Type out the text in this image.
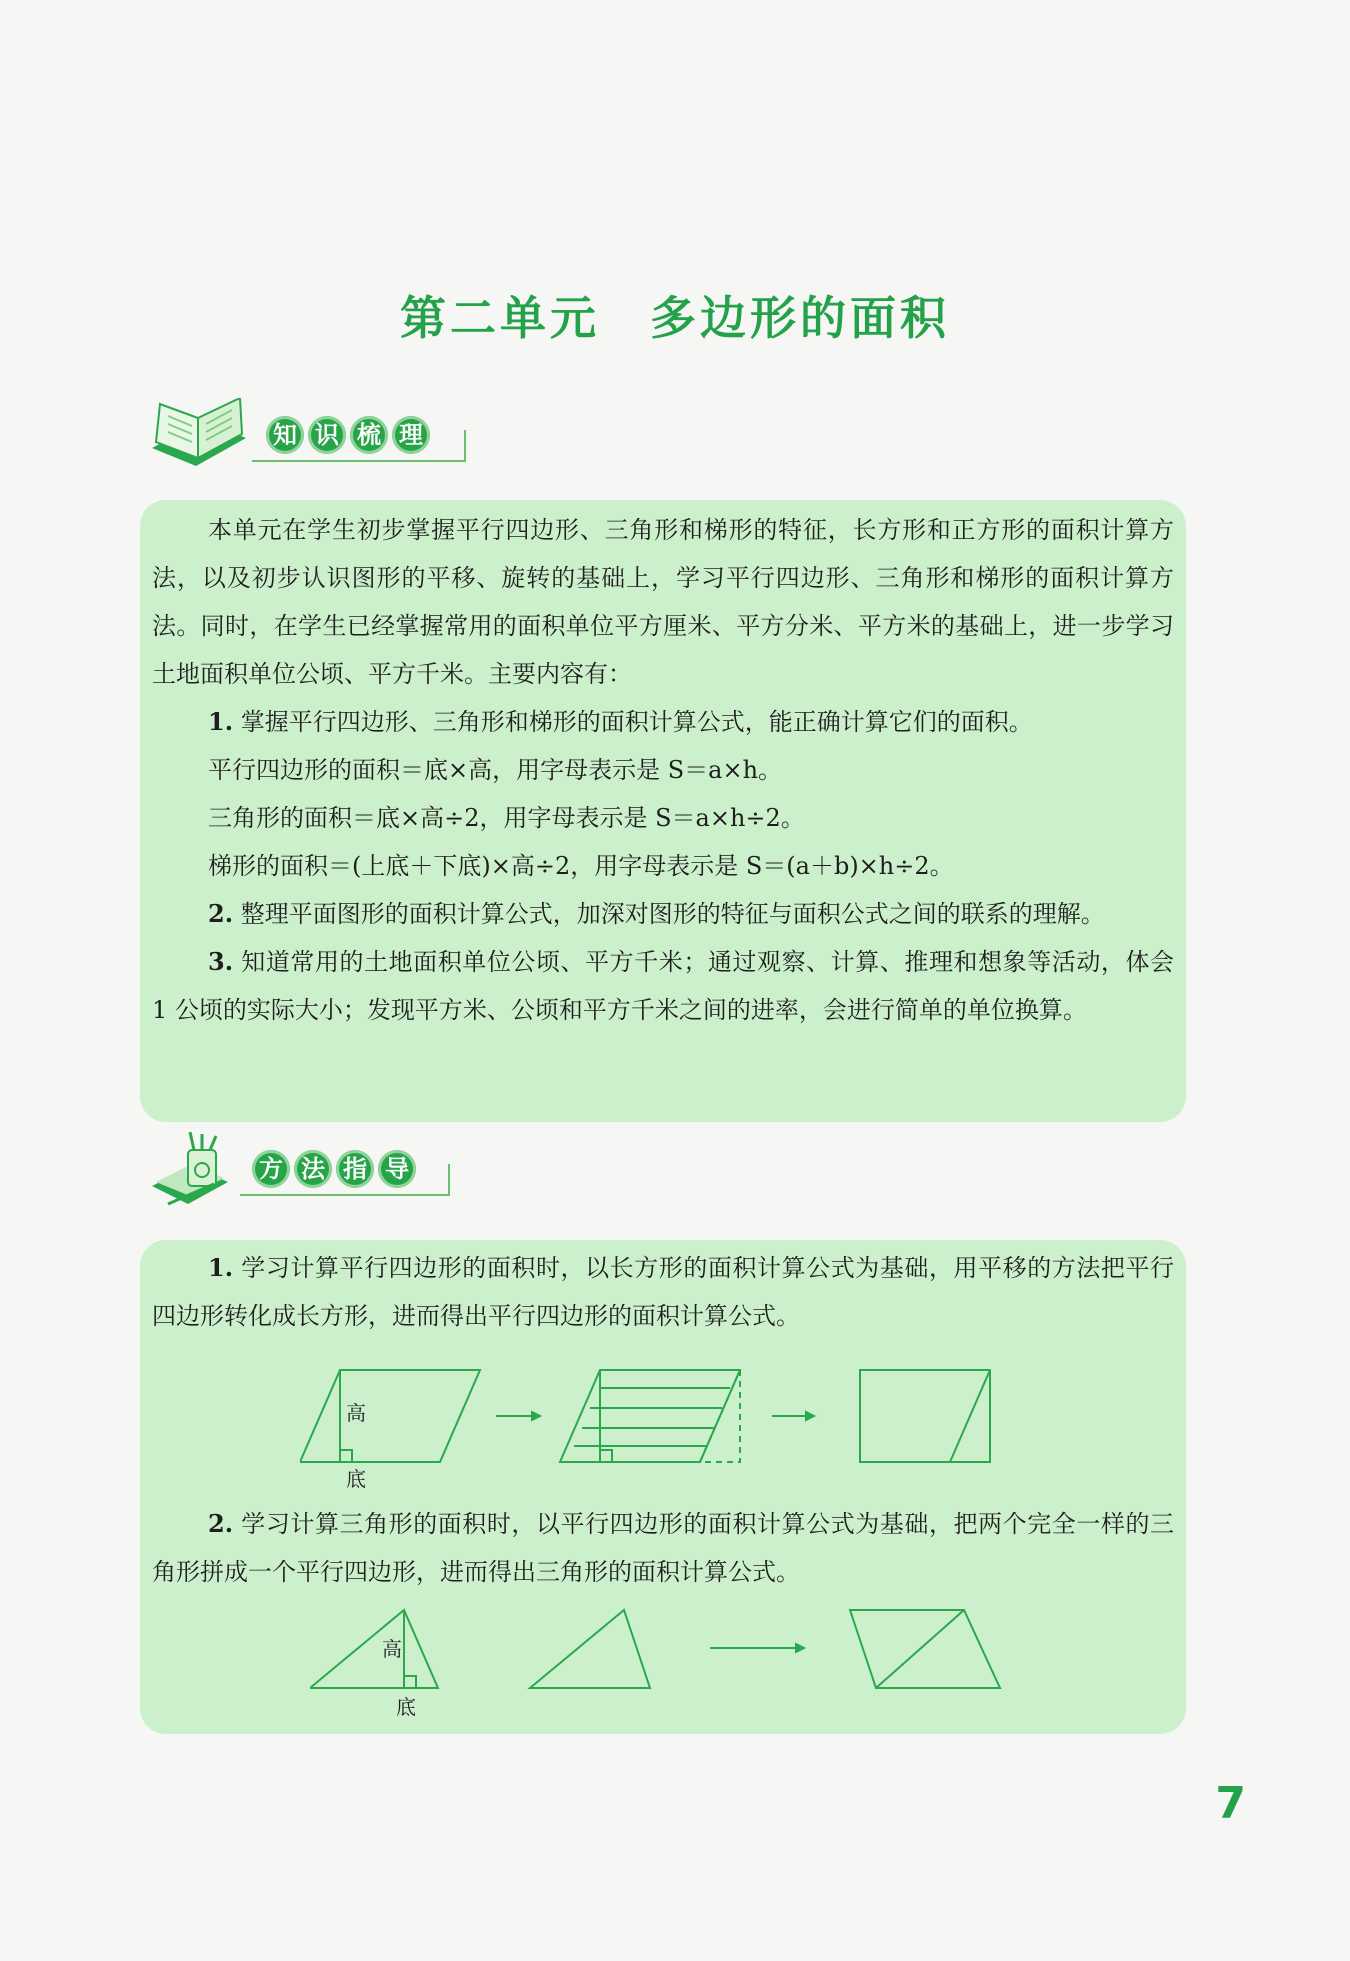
第二单元　多边形的面积
知 识 梳 理

本单元在学生初步掌握平行四边形、三角形和梯形的特征，长方形和正方形的面积计算方法，以及初步认识图形的平移、旋转的基础上，学习平行四边形、三角形和梯形的面积计算方法。同时，在学生已经掌握常用的面积单位平方厘米、平方分米、平方米的基础上，进一步学习土地面积单位公顷、平方千米。主要内容有：

1. 掌握平行四边形、三角形和梯形的面积计算公式，能正确计算它们的面积。

平行四边形的面积＝底×高，用字母表示是 S＝a×h。

三角形的面积＝底×高÷2，用字母表示是 S＝a×h÷2。

梯形的面积＝(上底＋下底)×高÷2，用字母表示是 S＝(a＋b)×h÷2。

2. 整理平面图形的面积计算公式，加深对图形的特征与面积公式之间的联系的理解。

3. 知道常用的土地面积单位公顷、平方千米；通过观察、计算、推理和想象等活动，体会 1 公顷的实际大小；发现平方米、公顷和平方千米之间的进率，会进行简单的单位换算。

方 法 指 导

1. 学习计算平行四边形的面积时，以长方形的面积计算公式为基础，用平移的方法把平行四边形转化成长方形，进而得出平行四边形的面积计算公式。

高
底

2. 学习计算三角形的面积时，以平行四边形的面积计算公式为基础，把两个完全一样的三角形拼成一个平行四边形，进而得出三角形的面积计算公式。

高
底
7
